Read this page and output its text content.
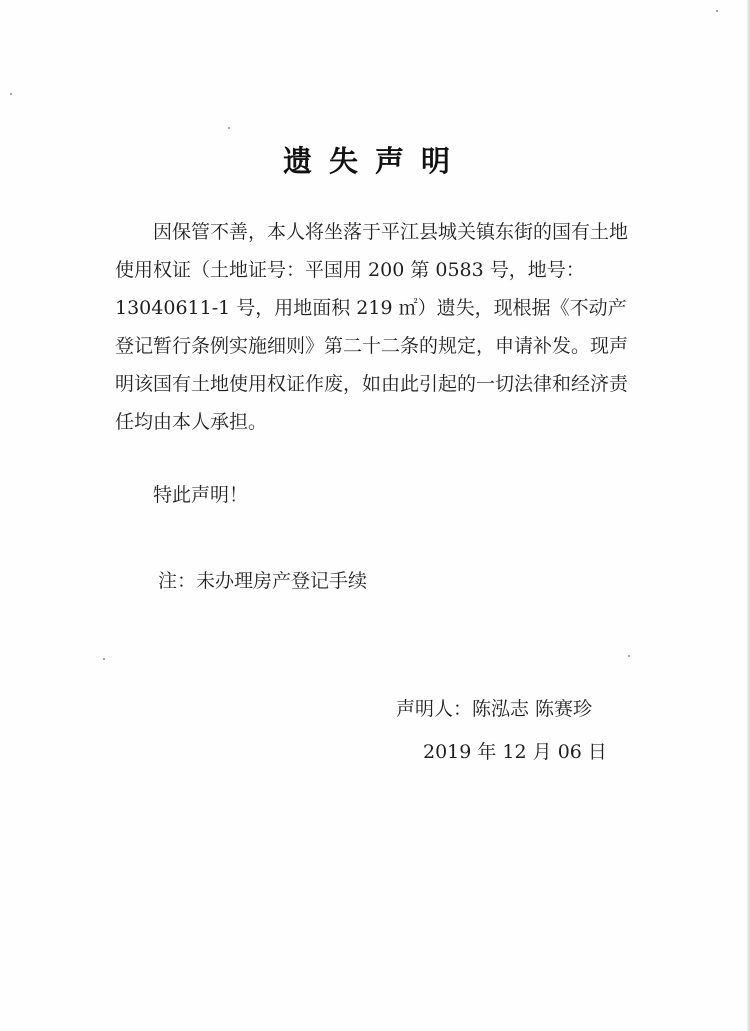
遗失声明

因保管不善，本人将坐落于平江县城关镇东街的国有土地使用权证（土地证号：平国用 200 第 0583 号，地号：13040611-1 号，用地面积 219 ㎡）遗失，现根据《不动产登记暂行条例实施细则》第二十二条的规定，申请补发。现声明该国有土地使用权证作废，如由此引起的一切法律和经济责任均由本人承担。

特此声明！

注：未办理房产登记手续

声明人：陈泓志 陈赛珍

2019 年 12 月 06 日
